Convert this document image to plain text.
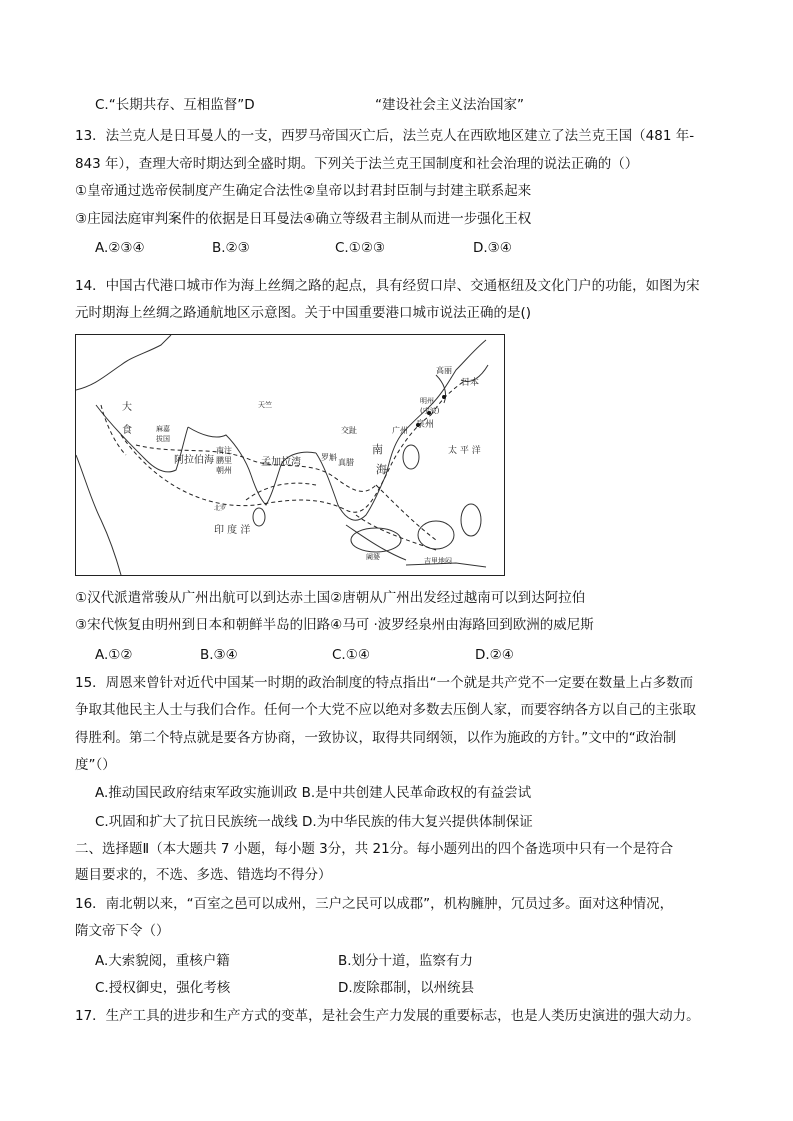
C.“长期共存、互相监督”D	“建设社会主义法治国家”
13．法兰克人是日耳曼人的一支，西罗马帝国灭亡后，法兰克人在西欧地区建立了法兰克王国（481 年-
843 年），查理大帝时期达到全盛时期。下列关于法兰克王国制度和社会治理的说法正确的（）
①皇帝通过选帝侯制度产生确定合法性②皇帝以封君封臣制与封建主联系起来
③庄园法庭审判案件的依据是日耳曼法④确立等级君主制从而进一步强化王权
A.②③④	B.②③	C.①②③	D.③④
14．中国古代港口城市作为海上丝绸之路的起点，具有经贸口岸、交通枢纽及文化门户的功能，如图为宋
元时期海上丝绸之路通航地区示意图。关于中国重要港口城市说法正确的是()
大
食	麻嘉
拔国
阿拉伯海
南注
鹏里
朝州
孟加拉湾
天竺
真腊
罗斛
交趾
南
海
广州
泉州
明州
(宁波)
日本
高丽
太 平 洋
印 度 洋
北罗
阇婆	吉里地闷
①汉代派遣常骏从广州出航可以到达赤土国②唐朝从广州出发经过越南可以到达阿拉伯
③宋代恢复由明州到日本和朝鲜半岛的旧路④马可 ·波罗经泉州由海路回到欧洲的威尼斯
A.①②	B.③④	C.①④	D.②④
15．周恩来曾针对近代中国某一时期的政治制度的特点指出“一个就是共产党不一定要在数量上占多数而
争取其他民主人士与我们合作。任何一个大党不应以绝对多数去压倒人家，而要容纳各方以自己的主张取
得胜利。第二个特点就是要各方协商，一致协议，取得共同纲领，以作为施政的方针。”文中的“政治制
度”（）
A.推动国民政府结束军政实施训政 B.是中共创建人民革命政权的有益尝试
C.巩固和扩大了抗日民族统一战线 D.为中华民族的伟大复兴提供体制保证
二、选择题Ⅱ（本大题共 7 小题，每小题 3分，共 21分。每小题列出的四个备选项中只有一个是符合
题目要求的，不选、多选、错选均不得分）
16．南北朝以来，“百室之邑可以成州，三户之民可以成郡”，机构臃肿，冗员过多。面对这种情况，
隋文帝下令（）
A.大索貌阅，重核户籍	B.划分十道，监察有力
C.授权御史，强化考核	D.废除郡制，以州统县
17．生产工具的进步和生产方式的变革，是社会生产力发展的重要标志，也是人类历史演进的强大动力。
